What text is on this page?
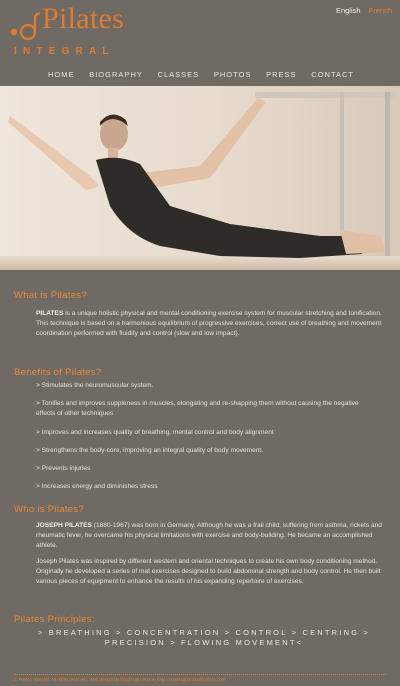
Pilates
INTEGRAL
English French
HOME BIOGRAPHY CLASSES PHOTOS PRESS CONTACT
What is Pilates?
PILATES is a unique holistic physical and mental conditioning exercise system for muscular stretching and tonification. This technique is based on a harmonious equilibrium of progressive exercises, correct use of breathing and movement coordination performed with fluidity and control (slow and low impact).
Benefits of Pilates?
> Stimulates the neuromuscular system.
> Tonifies and improves suppleness in muscles, elongating and re-shapping them without causing the negative effects of other techniques
> Improves and increases quality of breathing, mental control and body alignment
> Strengthens the body-core, improving an integral quality of body movement.
> Prevents injuries
> Increases energy and diminishes stress
Who is Pilates?
JOSEPH PILATES (1880-1967) was born in Germany. Although he was a frail child, suffering from asthma, rickets and rheumatic fever, he overcame his physical limitations with exercise and body-building. He became an accomplished athlete.
Joseph Pilates was inspired by different western and oriental techniques to create his own body conditioning method. Originally he developed a series of mat exercises designed to build abdominal strength and body control. He then built various pieces of equipment to enhance the results of his expanding repertoire of exercises.
Pilates Principles:
> BREATHING > CONCENTRATION > CONTROL > CENTRING >
PRECISION > FLOWING MOVEMENT<
© Pilates-Integral. All rights reserved. Web design by fingdesign, Rome-Italy. miriaslagnoman@yahoo.com
